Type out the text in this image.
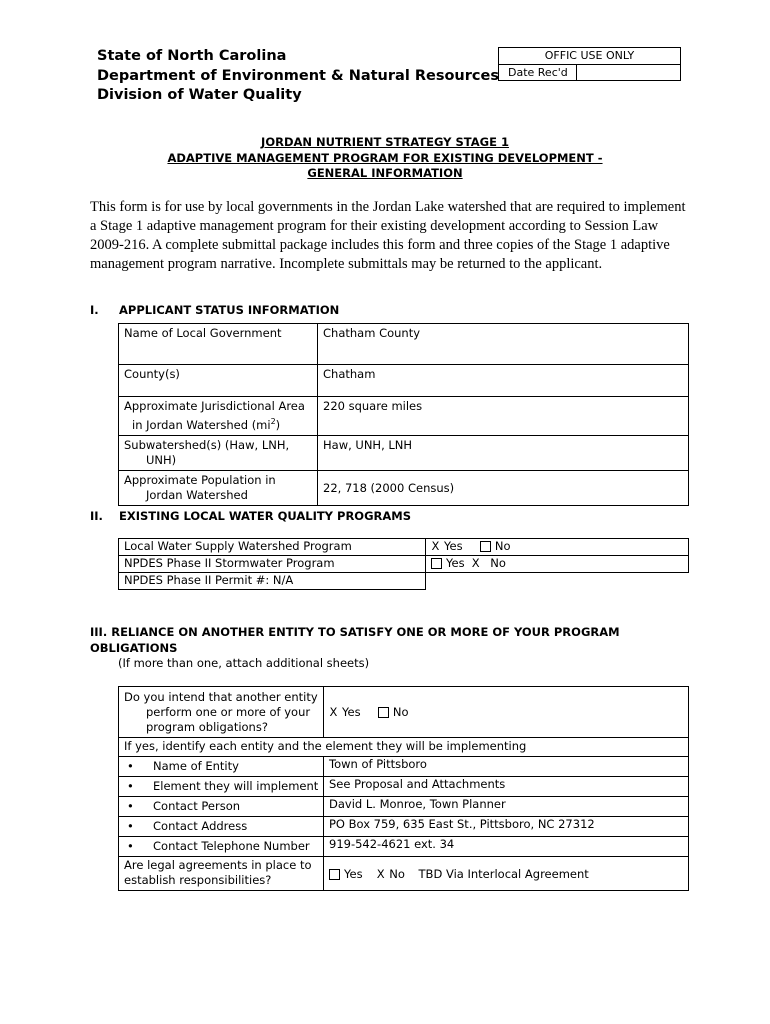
State of North Carolina
Department of Environment & Natural Resources
Division of Water Quality
OFFIC USE ONLY
Date Rec'd
JORDAN NUTRIENT STRATEGY STAGE 1
ADAPTIVE MANAGEMENT PROGRAM FOR EXISTING DEVELOPMENT -
GENERAL INFORMATION
This form is for use by local governments in the Jordan Lake watershed that are required to implement a Stage 1 adaptive management program for their existing development according to Session Law 2009-216. A complete submittal package includes this form and three copies of the Stage 1 adaptive management program narrative. Incomplete submittals may be returned to the applicant.
I. APPLICANT STATUS INFORMATION
Name of Local Government	Chatham County
County(s)	Chatham

Approximate Jurisdictional Area
in Jordan Watershed $(mi^2)$	220 square miles

Subwatershed(s) (Haw, LNH,
UNH)	Haw, UNH, LNH

Approximate Population in
Jordan Watershed	22, 718 (2000 Census)
II. EXISTING LOCAL WATER QUALITY PROGRAMS
Local Water Supply Watershed Program	X Yes No
NPDES Phase II Stormwater Program	Yes X No
NPDES Phase II Permit #: N/A	
III. RELIANCE ON ANOTHER ENTITY TO SATISFY ONE OR MORE OF YOUR PROGRAM
OBLIGATIONS
(If more than one, attach additional sheets)
Do you intend that another entity
perform one or more of your
program obligations?	X Yes No
If yes, identify each entity and the element they will be implementing	
• Name of Entity	Town of Pittsboro
• Element they will implement	See Proposal and Attachments
• Contact Person	David L. Monroe, Town Planner
• Contact Address	PO Box 759, 635 East St., Pittsboro, NC 27312
• Contact Telephone Number	919-542-4621 ext. 34

Are legal agreements in place to
establish responsibilities?	Yes X No TBD Via Interlocal Agreement
